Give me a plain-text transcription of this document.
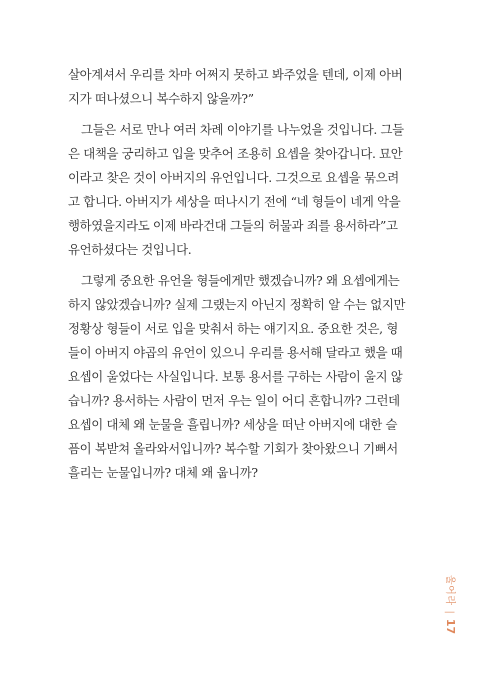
살아계셔서 우리를 차마 어쩌지 못하고 봐주었을 텐데, 이제 아버
지가 떠나셨으니 복수하지 않을까?”
그들은 서로 만나 여러 차례 이야기를 나누었을 것입니다. 그들
은 대책을 궁리하고 입을 맞추어 조용히 요셉을 찾아갑니다. 묘안
이라고 찾은 것이 아버지의 유언입니다. 그것으로 요셉을 묶으려
고 합니다. 아버지가 세상을 떠나시기 전에 “네 형들이 네게 악을
행하였을지라도 이제 바라건대 그들의 허물과 죄를 용서하라”고
유언하셨다는 것입니다.
그렇게 중요한 유언을 형들에게만 했겠습니까? 왜 요셉에게는
하지 않았겠습니까? 실제 그랬는지 아닌지 정확히 알 수는 없지만
정황상 형들이 서로 입을 맞춰서 하는 얘기지요. 중요한 것은, 형
들이 아버지 야곱의 유언이 있으니 우리를 용서해 달라고 했을 때
요셉이 울었다는 사실입니다. 보통 용서를 구하는 사람이 울지 않
습니까? 용서하는 사람이 먼저 우는 일이 어디 흔합니까? 그런데
요셉이 대체 왜 눈물을 흘립니까? 세상을 떠난 아버지에 대한 슬
픔이 복받쳐 올라와서입니까? 복수할 기회가 찾아왔으니 기뻐서
흘리는 눈물입니까? 대체 왜 웁니까?
울어라|17
